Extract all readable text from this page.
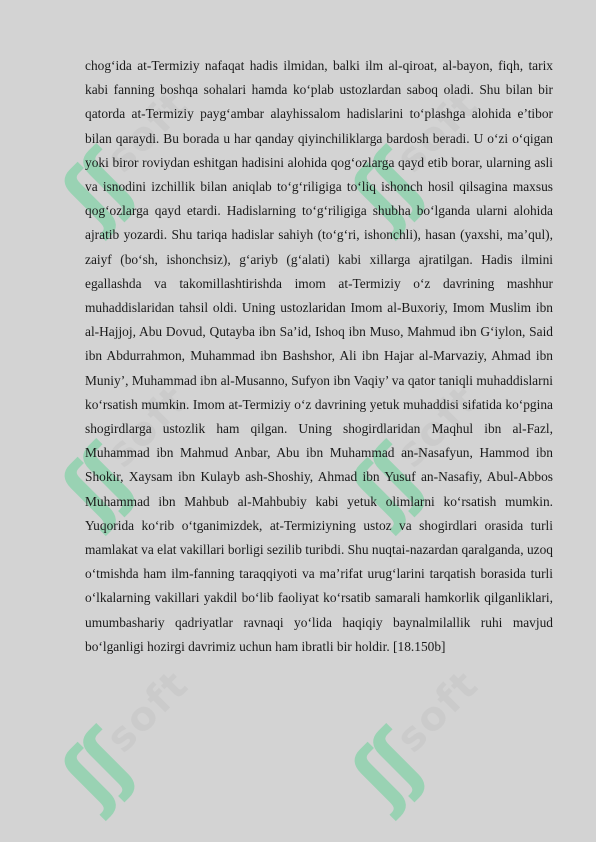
ʃʃsoft
ʃʃsoft
ʃʃsoft
ʃʃsoft
ʃʃsoft
ʃʃsoft

chog‘ida at-Termiziy nafaqat hadis ilmidan, balki ilm al-qiroat, al-bayon, fiqh, tarix kabi fanning boshqa sohalari hamda ko‘plab ustozlardan saboq oladi. Shu bilan bir qatorda at-Termiziy payg‘ambar alayhissalom hadislarini to‘plashga alohida e’tibor bilan qaraydi. Bu borada u har qanday qiyinchiliklarga bardosh beradi. U o‘zi o‘qigan yoki biror roviydan eshitgan hadisini alohida qog‘ozlarga qayd etib borar, ularning asli va isnodini izchillik bilan aniqlab to‘g‘riligiga to‘liq ishonch hosil qilsagina maxsus qog‘ozlarga qayd etardi. Hadislarning to‘g‘riligiga shubha bo‘lganda ularni alohida ajratib yozardi. Shu tariqa hadislar sahiyh (to‘g‘ri, ishonchli), hasan (yaxshi, ma’qul), zaiyf (bo‘sh, ishonchsiz), g‘ariyb (g‘alati) kabi xillarga ajratilgan. Hadis ilmini egallashda va takomillashtirishda imom at-Termiziy o‘z davrining mashhur muhaddislaridan tahsil oldi. Uning ustozlaridan Imom al-Buxoriy, Imom Muslim ibn al-Hajjoj, Abu Dovud, Qutayba ibn Sa’id, Ishoq ibn Muso, Mahmud ibn G‘iylon, Said ibn Abdurrahmon, Muhammad ibn Bashshor, Ali ibn Hajar al-Marvaziy, Ahmad ibn Muniy’, Muhammad ibn al-Musanno, Sufyon ibn Vaqiy’ va qator taniqli muhaddislarni ko‘rsatish mumkin. Imom at-Termiziy o‘z davrining yetuk muhaddisi sifatida ko‘pgina shogirdlarga ustozlik ham qilgan. Uning shogirdlaridan Maqhul ibn al-Fazl, Muhammad ibn Mahmud Anbar, Abu ibn Muhammad an-Nasafyun, Hammod ibn Shokir, Xaysam ibn Kulayb ash-Shoshiy, Ahmad ibn Yusuf an-Nasafiy, Abul-Abbos Muhammad ibn Mahbub al-Mahbubiy kabi yetuk olimlarni ko‘rsatish mumkin. Yuqorida ko‘rib o‘tganimizdek, at-Termiziyning ustoz va shogirdlari orasida turli mamlakat va elat vakillari borligi sezilib turibdi. Shu nuqtai-nazardan qaralganda, uzoq o‘tmishda ham ilm-fanning taraqqiyoti va ma’rifat urug‘larini tarqatish borasida turli o‘lkalarning vakillari yakdil bo‘lib faoliyat ko‘rsatib samarali hamkorlik qilganliklari, umumbashariy qadriyatlar ravnaqi yo‘lida haqiqiy baynalmilallik ruhi mavjud bo‘lganligi hozirgi davrimiz uchun ham ibratli bir holdir. [18.150b]
